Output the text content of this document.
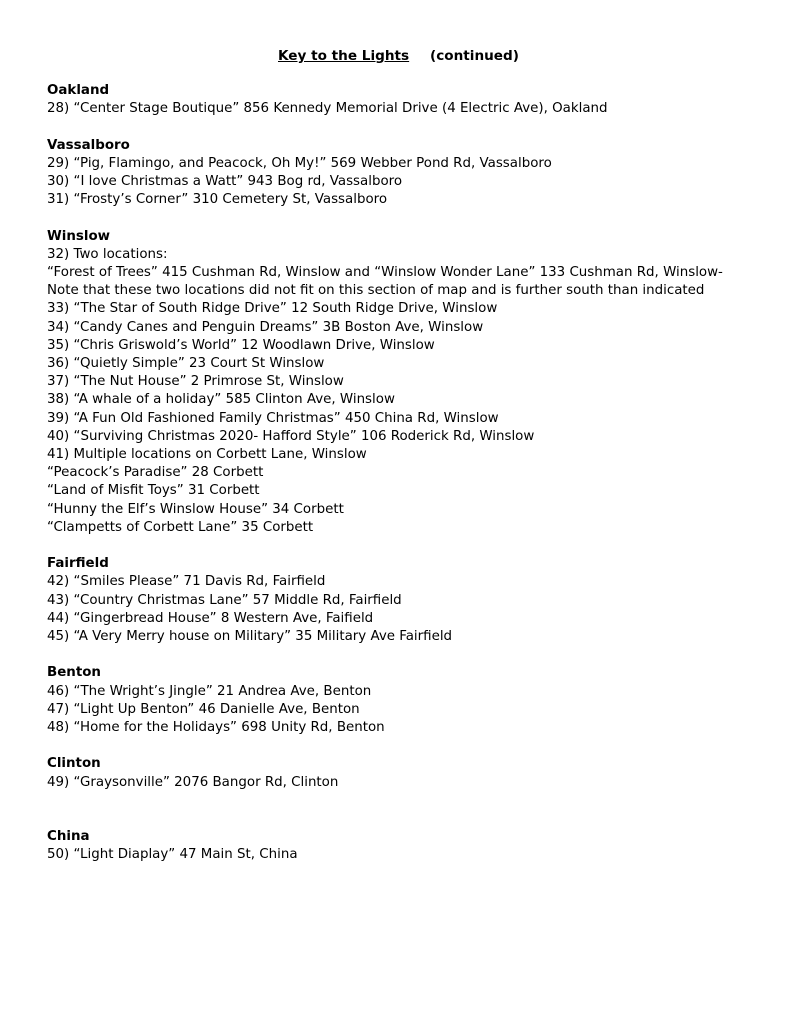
Key to the Lights (continued)
Oakland
28) “Center Stage Boutique” 856 Kennedy Memorial Drive (4 Electric Ave), Oakland
Vassalboro
29) “Pig, Flamingo, and Peacock, Oh My!” 569 Webber Pond Rd, Vassalboro
30) “I love Christmas a Watt” 943 Bog rd, Vassalboro
31) “Frosty’s Corner” 310 Cemetery St, Vassalboro
Winslow
32) Two locations:
“Forest of Trees” 415 Cushman Rd, Winslow and “Winslow Wonder Lane” 133 Cushman Rd, Winslow-
Note that these two locations did not fit on this section of map and is further south than indicated
33) “The Star of South Ridge Drive” 12 South Ridge Drive, Winslow
34) “Candy Canes and Penguin Dreams” 3B Boston Ave, Winslow
35) “Chris Griswold’s World” 12 Woodlawn Drive, Winslow
36) “Quietly Simple” 23 Court St Winslow
37) “The Nut House” 2 Primrose St, Winslow
38) “A whale of a holiday” 585 Clinton Ave, Winslow
39) “A Fun Old Fashioned Family Christmas” 450 China Rd, Winslow
40) “Surviving Christmas 2020- Hafford Style” 106 Roderick Rd, Winslow
41) Multiple locations on Corbett Lane, Winslow
“Peacock’s Paradise” 28 Corbett
“Land of Misfit Toys” 31 Corbett
“Hunny the Elf’s Winslow House” 34 Corbett
“Clampetts of Corbett Lane” 35 Corbett
Fairfield
42) “Smiles Please” 71 Davis Rd, Fairfield
43) “Country Christmas Lane” 57 Middle Rd, Fairfield
44) “Gingerbread House” 8 Western Ave, Faifield
45) “A Very Merry house on Military” 35 Military Ave Fairfield
Benton
46) “The Wright’s Jingle” 21 Andrea Ave, Benton
47) “Light Up Benton” 46 Danielle Ave, Benton
48) “Home for the Holidays” 698 Unity Rd, Benton
Clinton
49) “Graysonville” 2076 Bangor Rd, Clinton
China
50) “Light Diaplay” 47 Main St, China
